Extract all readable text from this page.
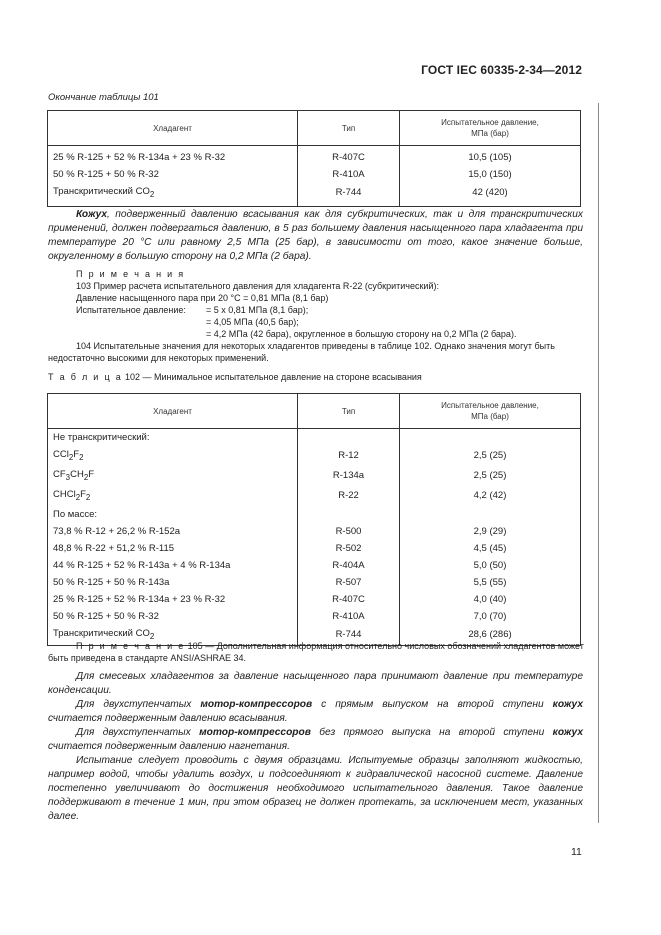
ГОСТ IEC 60335-2-34—2012
Окончание таблицы 101
Хладагент	Тип	Испытательное давление,
МПа (бар)
25 % R-125 + 52 % R-134a + 23 % R-32	R-407C	10,5 (105)
50 % R-125 + 50 % R-32	R-410A	15,0 (150)
Транскритический $CO_2$	R-744	42 (420)
Кожух, подверженный давлению всасывания как для субкритических, так и для транскритических применений, должен подвергаться давлению, в 5 раз большему давления насыщенного пара хладагента при температуре 20 °С или равному 2,5 МПа (25 бар), в зависимости от того, какое значение больше, округленному в большую сторону на 0,2 МПа (2 бара).
П р и м е ч а н и я
103 Пример расчета испытательного давления для хладагента R-22 (субкритический):
Давление насыщенного пара при 20 °С = 0,81 МПа (8,1 бар)
Испытательное давление: = 5 x 0,81 МПа (8,1 бар);
= 4,05 МПа (40,5 бар);
= 4,2 МПа (42 бара), округленное в большую сторону на 0,2 МПа (2 бара).
104 Испытательные значения для некоторых хладагентов приведены в таблице 102. Однако значения могут быть недостаточно высокими для некоторых применений.
Т а б л и ц а 102 — Минимальное испытательное давление на стороне всасывания
Хладагент	Тип	Испытательное давление,
МПа (бар)
Не транскритический:		
$CCl_2F_2$	R-12	2,5 (25)
$CF_3CH_2F$	R-134a	2,5 (25)
$CHCl_2F_2$	R-22	4,2 (42)
По массе:		
73,8 % R-12 + 26,2 % R-152a	R-500	2,9 (29)
48,8 % R-22 + 51,2 % R-115	R-502	4,5 (45)
44 % R-125 + 52 % R-143a + 4 % R-134a	R-404A	5,0 (50)
50 % R-125 + 50 % R-143a	R-507	5,5 (55)
25 % R-125 + 52 % R-134a + 23 % R-32	R-407C	4,0 (40)
50 % R-125 + 50 % R-32	R-410A	7,0 (70)
Транскритический $CO_2$	R-744	28,6 (286)
П р и м е ч а н и е 105 — Дополнительная информация относительно числовых обозначений хладагентов может быть приведена в стандарте ANSI/ASHRAE 34.
Для смесевых хладагентов за давление насыщенного пара принимают давление при температуре конденсации.
Для двухступенчатых мотор-компрессоров с прямым выпуском на второй ступени кожух считается подверженным давлению всасывания.
Для двухступенчатых мотор-компрессоров без прямого выпуска на второй ступени кожух считается подверженным давлению нагнетания.
Испытание следует проводить с двумя образцами. Испытуемые образцы заполняют жидкостью, например водой, чтобы удалить воздух, и подсоединяют к гидравлической насосной системе. Давление постепенно увеличивают до достижения необходимого испытательного давления. Такое давление поддерживают в течение 1 мин, при этом образец не должен протекать, за исключением мест, указанных далее.
11
